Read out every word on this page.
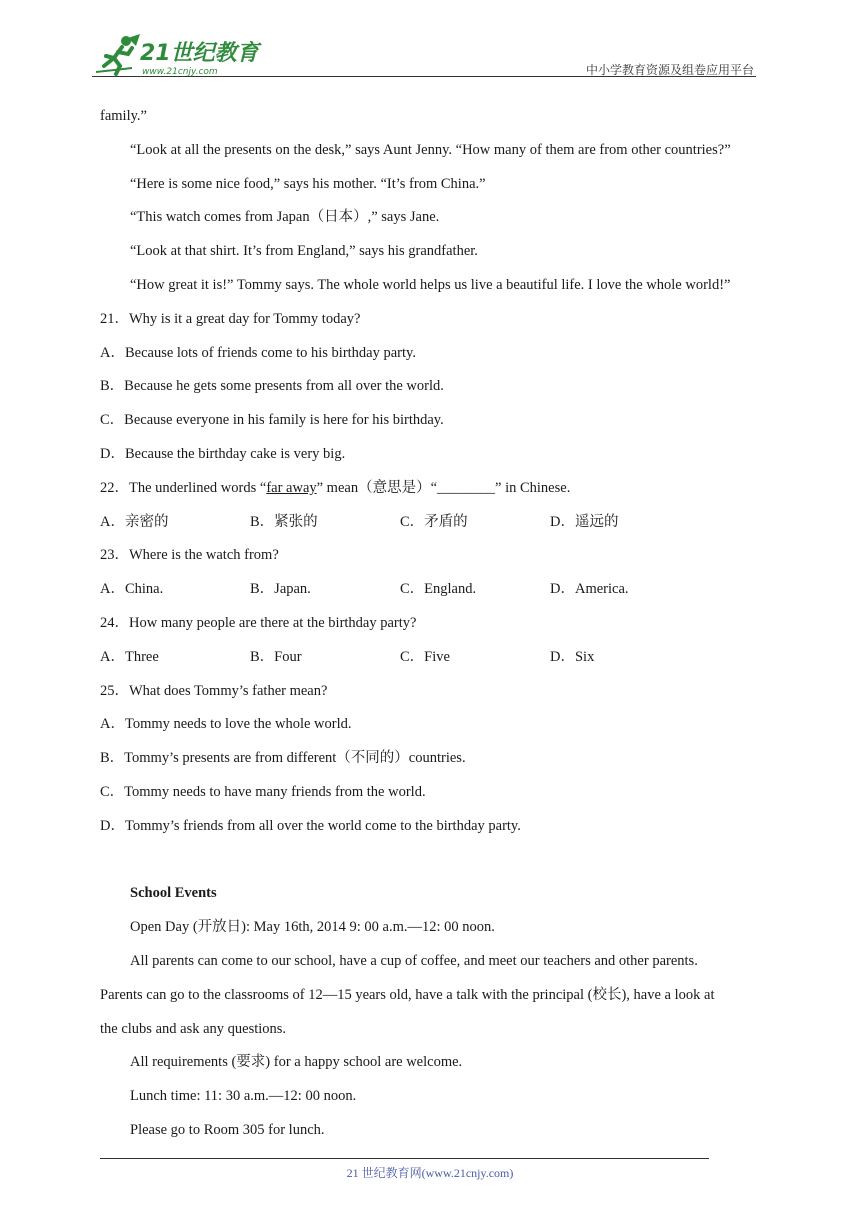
21世纪教育
www.21cnjy.com	中小学教育资源及组卷应用平台
family.”
“Look at all the presents on the desk,” says Aunt Jenny. “How many of them are from other countries?”
“Here is some nice food,” says his mother. “It’s from China.”
“This watch comes from Japan（日本）,” says Jane.
“Look at that shirt. It’s from England,” says his grandfather.
“How great it is!” Tommy says. The whole world helps us live a beautiful life. I love the whole world!”
21．Why is it a great day for Tommy today?
A．Because lots of friends come to his birthday party.
B．Because he gets some presents from all over the world.
C．Because everyone in his family is here for his birthday.
D．Because the birthday cake is very big.
22．The underlined words “far away” mean（意思是）“________” in Chinese.
A．亲密的	B．紧张的	C．矛盾的	D．遥远的
23．Where is the watch from?
A．China.	B．Japan.	C．England.	D．America.
24．How many people are there at the birthday party?
A．Three	B．Four	C．Five	D．Six
25．What does Tommy’s father mean?
A．Tommy needs to love the whole world.
B．Tommy’s presents are from different（不同的）countries.
C．Tommy needs to have many friends from the world.
D．Tommy’s friends from all over the world come to the birthday party.
School Events
Open Day (开放日): May 16th, 2014 9: 00 a.m.—12: 00 noon.
All parents can come to our school, have a cup of coffee, and meet our teachers and other parents.
Parents can go to the classrooms of 12—15 years old, have a talk with the principal (校长), have a look at
the clubs and ask any questions.
All requirements (要求) for a happy school are welcome.
Lunch time: 11: 30 a.m.—12: 00 noon.
Please go to Room 305 for lunch.
21 世纪教育网(www.21cnjy.com)
